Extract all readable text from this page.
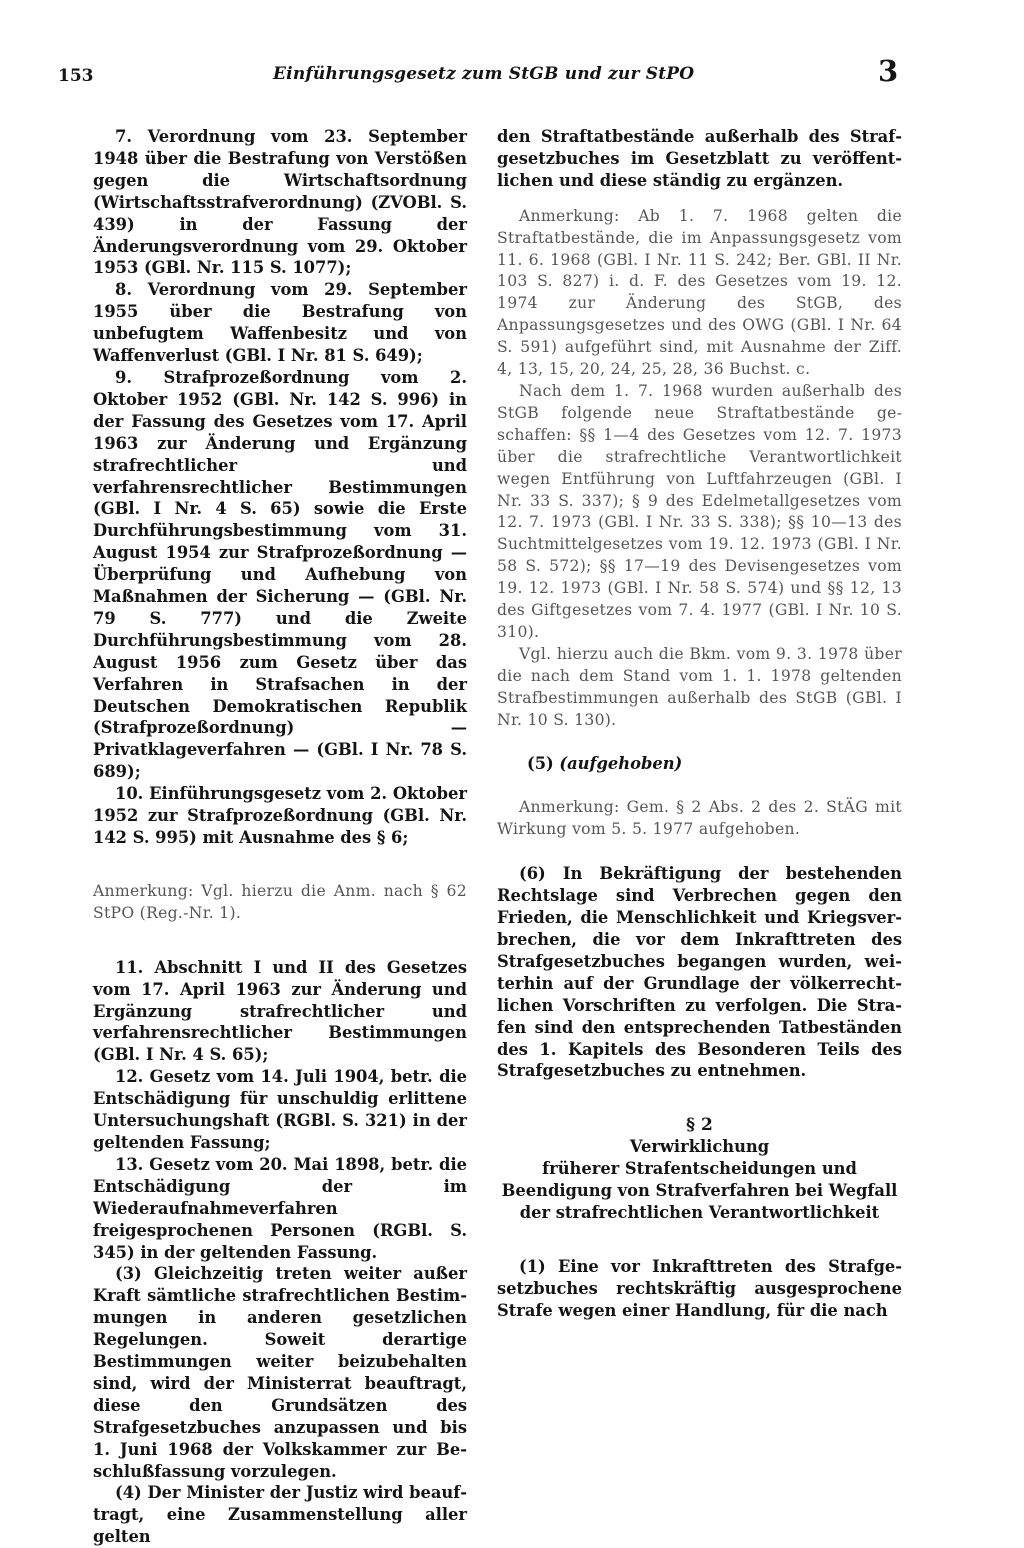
153	Einführungsgesetz zum StGB und zur StPO	3

7. Verordnung vom 23. September 1948 über die Bestrafung von Verstößen gegen die Wirtschaftsordnung (Wirtschaftsstrafverordnung) (ZVOBl. S. 439) in der Fassung der Änderungsverordnung vom 29. Oktober 1953 (GBl. Nr. 115 S. 1077);

8. Verordnung vom 29. September 1955 über die Bestrafung von unbefugtem Waffenbesitz und von Waffenverlust (GBl. I Nr. 81 S. 649);

9. Strafprozeßordnung vom 2. Oktober 1952 (GBl. Nr. 142 S. 996) in der Fassung des Gesetzes vom 17. April 1963 zur Änderung und Ergänzung strafrechtlicher und verfahrensrechtlicher Bestimmungen (GBl. I Nr. 4 S. 65) sowie die Erste Durchführungsbestimmung vom 31. August 1954 zur Strafprozeßordnung — Überprüfung und Aufhebung von Maßnahmen der Sicherung — (GBl. Nr. 79 S. 777) und die Zweite Durchführungsbestimmung vom 28. August 1956 zum Gesetz über das Verfahren in Strafsachen in der Deutschen Demokratischen Republik (Strafprozeßordnung) — Privatklageverfahren — (GBl. I Nr. 78 S. 689);

10. Einführungsgesetz vom 2. Oktober 1952 zur Strafprozeßordnung (GBl. Nr. 142 S. 995) mit Ausnahme des § 6;

Anmerkung: Vgl. hierzu die Anm. nach § 62 StPO (Reg.-Nr. 1).

11. Abschnitt I und II des Gesetzes vom 17. April 1963 zur Änderung und Ergänzung strafrechtlicher und verfahrensrechtlicher Bestimmungen (GBl. I Nr. 4 S. 65);

12. Gesetz vom 14. Juli 1904, betr. die Entschädigung für unschuldig erlittene Untersuchungshaft (RGBl. S. 321) in der geltenden Fassung;

13. Gesetz vom 20. Mai 1898, betr. die Entschädigung der im Wiederaufnahmeverfahren freigesprochenen Personen (RGBl. S. 345) in der geltenden Fassung.

(3) Gleichzeitig treten weiter außer Kraft sämtliche strafrechtlichen Bestimmungen in anderen gesetzlichen Regelungen. Soweit derartige Bestimmungen weiter beizubehalten sind, wird der Ministerrat beauftragt, diese den Grundsätzen des Strafgesetzbuches anzupassen und bis 1. Juni 1968 der Volkskammer zur Beschlußfassung vorzulegen.

(4) Der Minister der Justiz wird beauftragt, eine Zusammenstellung aller gelten

den Straftatbestände außerhalb des Strafgesetzbuches im Gesetzblatt zu veröffentlichen und diese ständig zu ergänzen.

Anmerkung: Ab 1. 7. 1968 gelten die Straftatbestände, die im Anpassungsgesetz vom 11. 6. 1968 (GBl. I Nr. 11 S. 242; Ber. GBl. II Nr. 103 S. 827) i. d. F. des Gesetzes vom 19. 12. 1974 zur Änderung des StGB, des Anpassungsgesetzes und des OWG (GBl. I Nr. 64 S. 591) aufgeführt sind, mit Ausnahme der Ziff. 4, 13, 15, 20, 24, 25, 28, 36 Buchst. c.

Nach dem 1. 7. 1968 wurden außerhalb des StGB folgende neue Straftatbestände geschaffen: §§ 1—4 des Gesetzes vom 12. 7. 1973 über die strafrechtliche Verantwortlichkeit wegen Entführung von Luftfahrzeugen (GBl. I Nr. 33 S. 337); § 9 des Edelmetallgesetzes vom 12. 7. 1973 (GBl. I Nr. 33 S. 338); §§ 10—13 des Suchtmittelgesetzes vom 19. 12. 1973 (GBl. I Nr. 58 S. 572); §§ 17—19 des Devisengesetzes vom 19. 12. 1973 (GBl. I Nr. 58 S. 574) und §§ 12, 13 des Giftgesetzes vom 7. 4. 1977 (GBl. I Nr. 10 S. 310).

Vgl. hierzu auch die Bkm. vom 9. 3. 1978 über die nach dem Stand vom 1. 1. 1978 geltenden Strafbestimmungen außerhalb des StGB (GBl. I Nr. 10 S. 130).

(5) (aufgehoben)

Anmerkung: Gem. § 2 Abs. 2 des 2. StÄG mit Wirkung vom 5. 5. 1977 aufgehoben.

(6) In Bekräftigung der bestehenden Rechtslage sind Verbrechen gegen den Frieden, die Menschlichkeit und Kriegsverbrechen, die vor dem Inkrafttreten des Strafgesetzbuches begangen wurden, weiterhin auf der Grundlage der völkerrechtlichen Vorschriften zu verfolgen. Die Strafen sind den entsprechenden Tatbeständen des 1. Kapitels des Besonderen Teils des Strafgesetzbuches zu entnehmen.

§ 2
Verwirklichung
früherer Strafentscheidungen und
Beendigung von Strafverfahren bei Wegfall
der strafrechtlichen Verantwortlichkeit

(1) Eine vor Inkrafttreten des Strafgesetzbuches rechtskräftig ausgesprochene Strafe wegen einer Handlung, für die nach
